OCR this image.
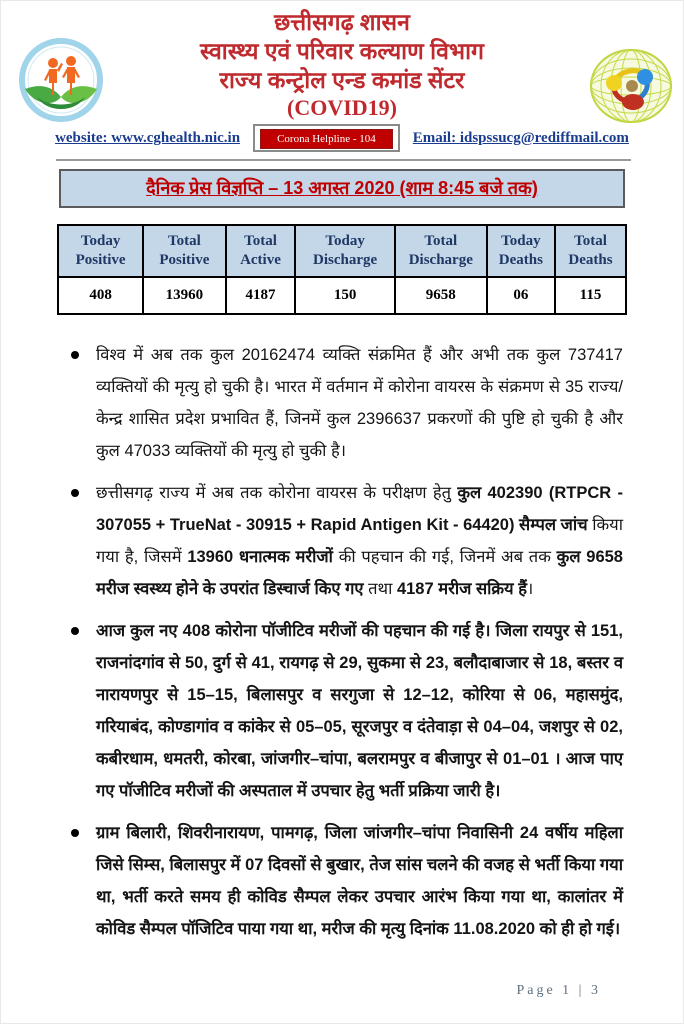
छत्तीसगढ़ शासन
स्वास्थ्य एवं परिवार कल्याण विभाग
राज्य कन्ट्रोल एन्ड कमांड सेंटर
(COVID19)
website: www.cghealth.nic.in	Corona Helpline - 104	Email: idspssucg@rediffmail.com
दैनिक प्रेस विज्ञप्ति – 13 अगस्त 2020 (शाम 8:45 बजे तक)
Today Positive	Total Positive	Total Active	Today Discharge	Total Discharge	Today Deaths	Total Deaths
408	13960	4187	150	9658	06	115
विश्व में अब तक कुल 20162474 व्यक्ति संक्रमित हैं और अभी तक कुल 737417 व्यक्तियों की मृत्यु हो चुकी है। भारत में वर्तमान में कोरोना वायरस के संक्रमण से 35 राज्य/केन्द्र शासित प्रदेश प्रभावित हैं, जिनमें कुल 2396637 प्रकरणों की पुष्टि हो चुकी है और कुल 47033 व्यक्तियों की मृत्यु हो चुकी है।
छत्तीसगढ़ राज्य में अब तक कोरोना वायरस के परीक्षण हेतु कुल 402390 (RTPCR - 307055 + TrueNat - 30915 + Rapid Antigen Kit - 64420) सैम्पल जांच किया गया है, जिसमें 13960 धनात्मक मरीजों की पहचान की गई, जिनमें अब तक कुल 9658 मरीज स्वस्थ्य होने के उपरांत डिस्चार्ज किए गए तथा 4187 मरीज सक्रिय हैं।
आज कुल नए 408 कोरोना पॉजीटिव मरीजों की पहचान की गई है। जिला रायपुर से 151, राजनांदगांव से 50, दुर्ग से 41, रायगढ़ से 29, सुकमा से 23, बलौदाबाजार से 18, बस्तर व नारायणपुर से 15–15, बिलासपुर व सरगुजा से 12–12, कोरिया से 06, महासमुंद, गरियाबंद, कोण्डागांव व कांकेर से 05–05, सूरजपुर व दंतेवाड़ा से 04–04, जशपुर से 02, कबीरधाम, धमतरी, कोरबा, जांजगीर–चांपा, बलरामपुर व बीजापुर से 01–01 । आज पाए गए पॉजीटिव मरीजों की अस्पताल में उपचार हेतु भर्ती प्रक्रिया जारी है।
ग्राम बिलारी, शिवरीनारायण, पामगढ़, जिला जांजगीर–चांपा निवासिनी 24 वर्षीय महिला जिसे सिम्स, बिलासपुर में 07 दिवसों से बुखार, तेज सांस चलने की वजह से भर्ती किया गया था, भर्ती करते समय ही कोविड सैम्पल लेकर उपचार आरंभ किया गया था, कालांतर में कोविड सैम्पल पॉजिटिव पाया गया था, मरीज की मृत्यु दिनांक 11.08.2020 को ही हो गई।
Page 1 | 3
